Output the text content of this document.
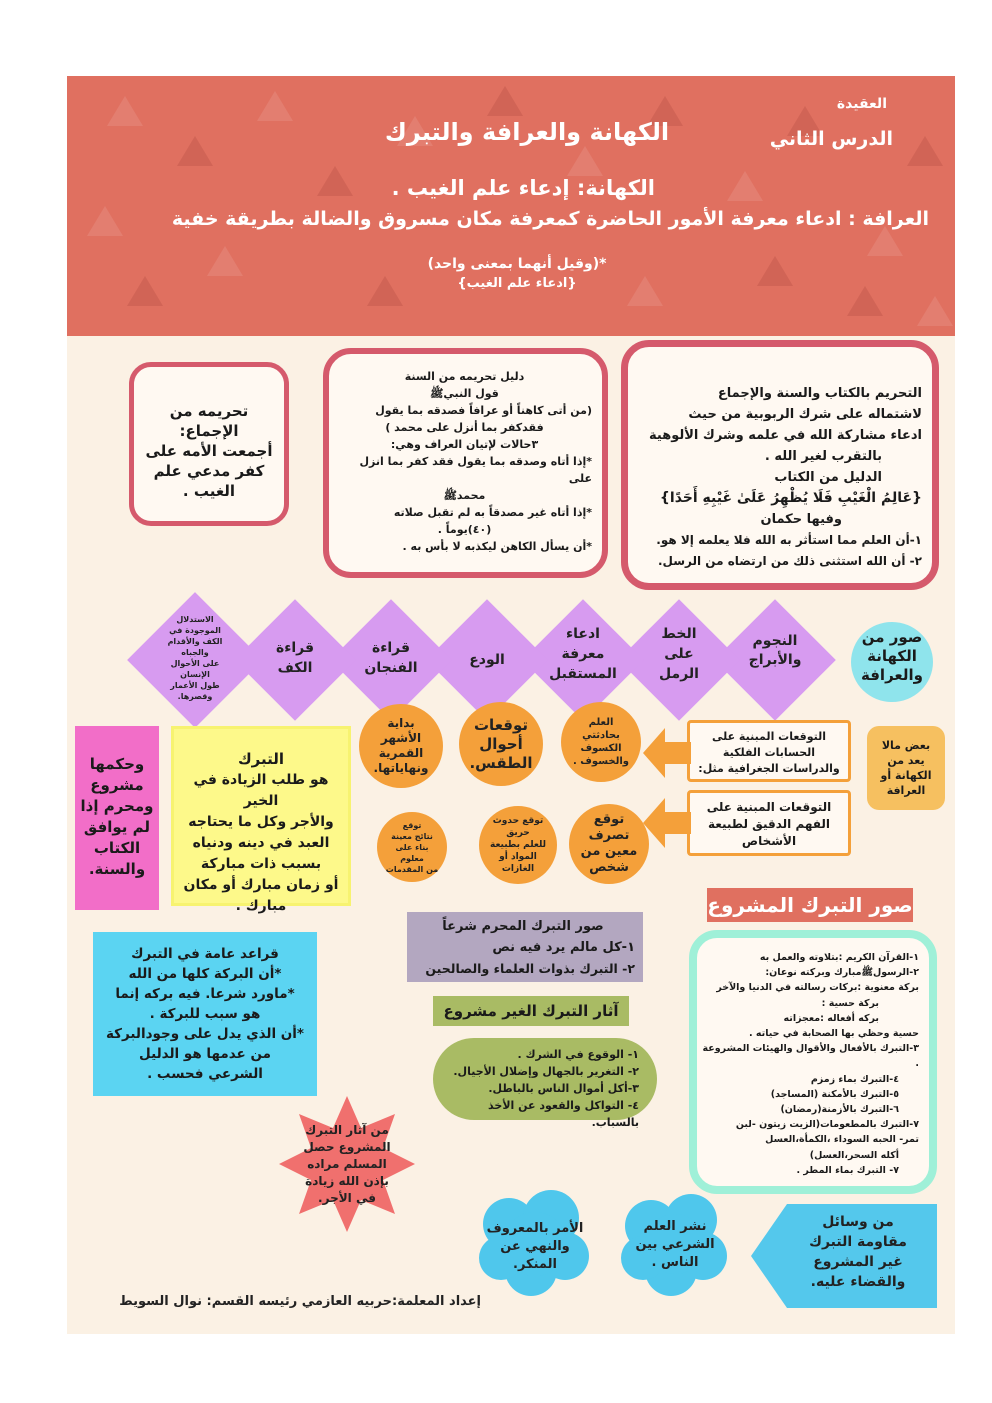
العقيدة
الدرس الثاني
الكهانة والعرافة والتبرك
الكهانة: إدعاء علم الغيب .
العرافة : ادعاء معرفة الأمور الحاضرة كمعرفة مكان مسروق والضالة بطريقة خفية
*(وقيل أنهما بمعنى واحد)
{ادعاء علم الغيب}
التحريم بالكتاب والسنة والإجماع
لاشتماله على شرك الربوبية من حيث
ادعاء مشاركة الله في علمه وشرك الألوهية
بالتقرب لغير الله .
الدليل من الكتاب
{عَالِمُ الْغَيْبِ فَلَا يُظْهِرُ عَلَىٰ غَيْبِهِ أَحَدًا}
وفيها حكمان
١-أن العلم مما استأثر به الله فلا يعلمه إلا هو.
٢- أن الله استثنى ذلك من ارتضاه من الرسل.
دليل تحريمه من السنة
قول النبيﷺ
(من أتى كاهناً أو عرافاً فصدقه بما يقول
فقدكفر بما أنزل على محمد )
٣حالات لإتيان العراف وهي:
*إذا أتاه وصدقه بما يقول فقد كفر بما انزل على
محمدﷺ
*إذا أتاه غير مصدقاً به لم تقبل صلاته
(٤٠)يوماً .
*أن يسأل الكاهن ليكذبه لا بأس به .
تحريمه من الإجماع:
أجمعت الأمه على
كفر مدعي علم
الغيب .
صور من
الكهانة
والعرافة
النجوم
والأبراج
الخط
على
الرمل
ادعاء
معرفة
المستقبل
الودع
قراءة
الفنجان
قراءة
الكف
الاستدلال
الموجودة في
الكف والأقدام
والجباه
على الأحوال
الإنسان
طول الأعمار
وقصرها.
بعض مالا
يعد من
الكهانة أو
العرافة
التوقعات المبنية على
الحسابات الفلكية
والدراسات الجغرافية مثل:
التوقعات المبنية على
الفهم الدقيق لطبيعة
الأشخاص
العلم
بحادثتي
الكسوف
والخسوف .
توقعات
أحوال
الطقس.
بداية
الأشهر
القمرية
ونهاياتها.
توقع
تصرف
معين من
شخص
توقع حدوث
حريق
للعلم بطبيعة
المواد أو
الغازات
توقع
نتائج معينة
بناء على
معلوم
من المقدمات
التبرك
هو طلب الزيادة في الخير
والأجر وكل ما يحتاجه
العبد في دينه ودنياه
بسبب ذات مباركة
أو زمان مبارك أو مكان
مبارك .
وحكمها
مشروع
ومحرم إذا
لم يوافق
الكتاب
والسنة.
صور التبرك المشروع
١-القرآن الكريم :بتلاوته والعمل به
٢-الرسولﷺمبارك وبركته نوعان:
بركة معنوية :بركات رسالته في الدنيا والآخر
بركة حسية :
بركه أفعاله :معجزاته
حسية وحظي بها الصحابة في حياته .
٣-التبرك بالأفعال والأقوال والهيئات المشروعة .
٤-التبرك بماء زمزم
٥-التبرك بالأمكنة (المساجد)
٦-التبرك بالأزمنة(رمضان)
٧-التبرك بالمطعومات(الزيت زيتون -لبن
تمر- الحبه السوداء ،الكمأة،العسل
أكله السحر،العسل)
٧- التبرك بماء المطر .
صور التبرك المحرم شرعاً
١-كل مالم يرد فيه نص
٢- التبرك بذوات العلماء والصالحين
قراعد عامة في التبرك
*أن البركة كلها من الله
*ماورد شرعا. فيه بركه إنما
هو سبب للبركة .
*أن الذي يدل على وجودالبركة
من عدمها هو الدليل
الشرعي فحسب .
آثار التبرك الغير مشروع
١- الوقوع في الشرك .
٢- التغرير بالجهال وإضلال الأجيال.
٣-أكل أموال الناس بالباطل.
٤- التواكل والقعود عن الأخذ بالسباب.
من آثار التبرك
المشروع حصل
المسلم مراده
بإذن الله زيادة
في الأجر.
من وسائل
مقاومة التبرك
غير المشروع
والقضاء عليه.
نشر العلم
الشرعي بين
الناس .
الأمر بالمعروف
والنهي عن
المنكر.
إعداد المعلمة:حربيه العازمي رئيسه القسم: نوال السويط
